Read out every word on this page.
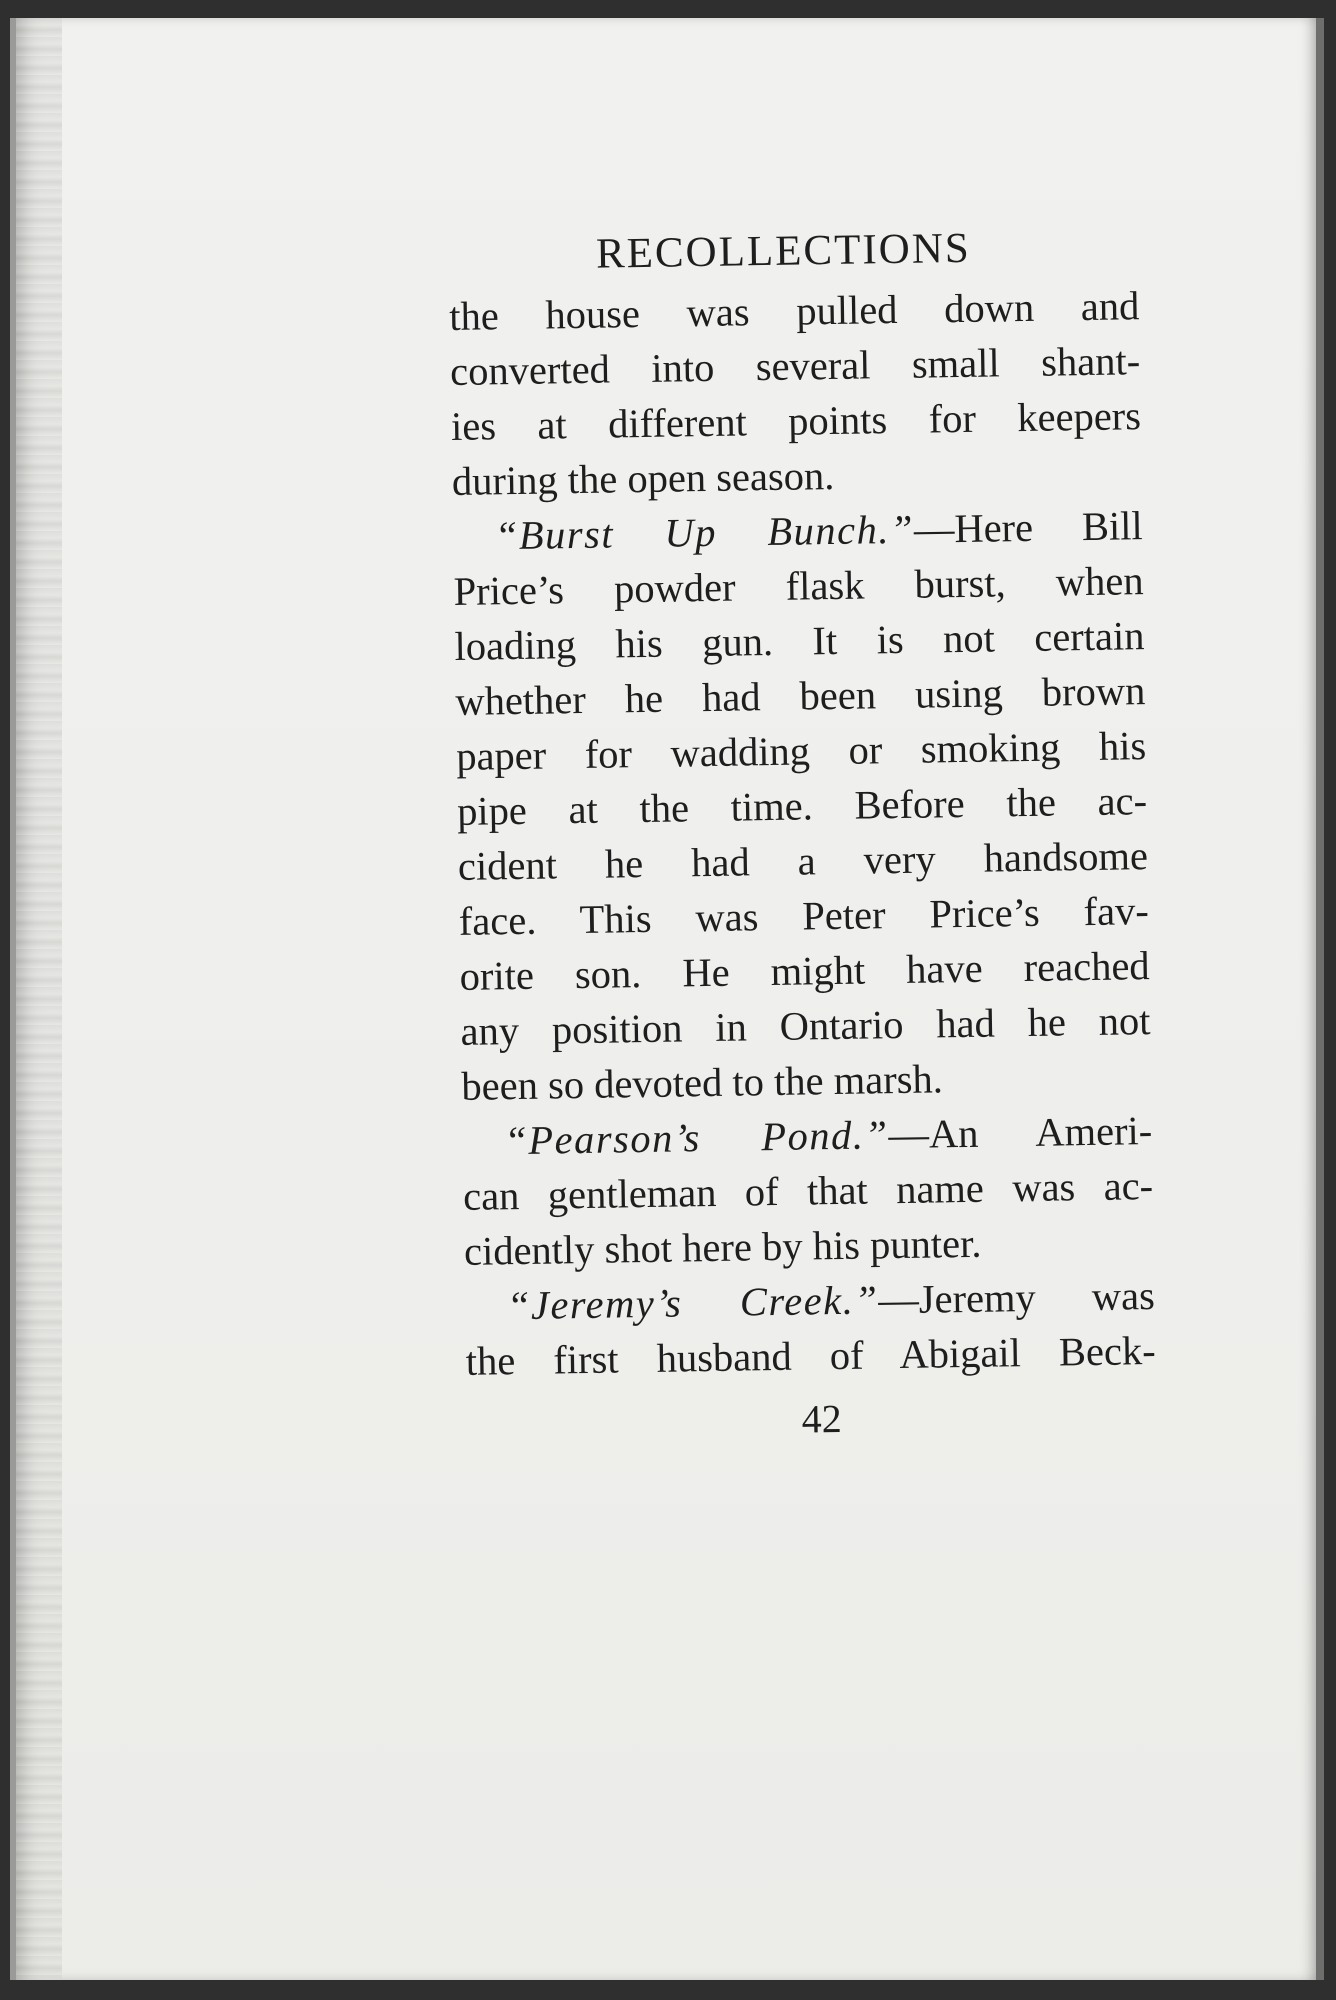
RECOLLECTIONS
the house was pulled down and
converted into several small shant-
ies at different points for keepers
during the open season.
“Burst Up Bunch.”—Here Bill
Price’s powder flask burst, when
loading his gun. It is not certain
whether he had been using brown
paper for wadding or smoking his
pipe at the time. Before the ac-
cident he had a very handsome
face. This was Peter Price’s fav-
orite son. He might have reached
any position in Ontario had he not
been so devoted to the marsh.
“Pearson’s Pond.”—An Ameri-
can gentleman of that name was ac-
cidently shot here by his punter.
“Jeremy’s Creek.”—Jeremy was
the first husband of Abigail Beck-
42
